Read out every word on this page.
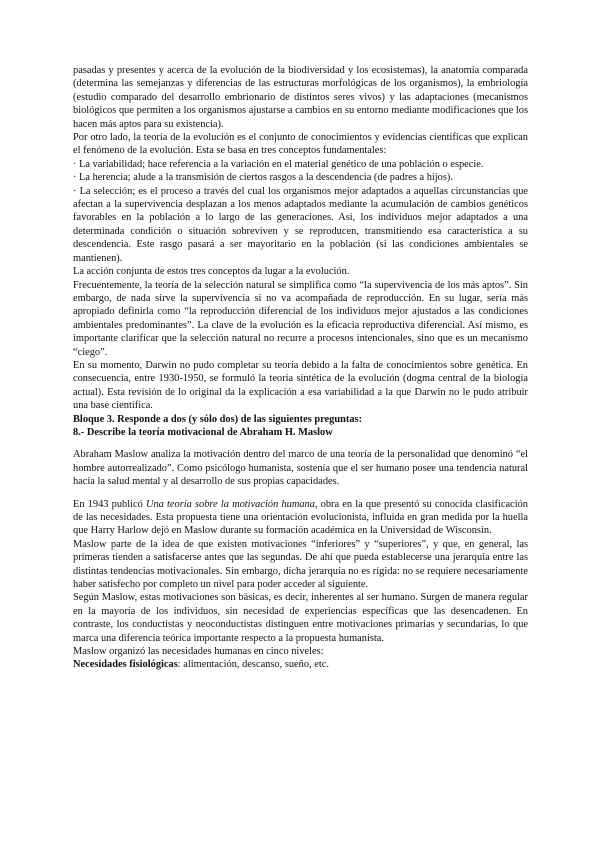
pasadas y presentes y acerca de la evolución de la biodiversidad y los ecosistemas), la anatomía comparada (determina las semejanzas y diferencias de las estructuras morfológicas de los organismos), la embriología (estudio comparado del desarrollo embrionario de distintos seres vivos) y las adaptaciones (mecanismos biológicos que permiten a los organismos ajustarse a cambios en su entorno mediante modificaciones que los hacen más aptos para su existencia).

Por otro lado, la teoría de la evolución es el conjunto de conocimientos y evidencias científicas que explican el fenómeno de la evolución. Esta se basa en tres conceptos fundamentales:

· La variabilidad; hace referencia a la variación en el material genético de una población o especie.

· La herencia; alude a la transmisión de ciertos rasgos a la descendencia (de padres a hijos).

· La selección; es el proceso a través del cual los organismos mejor adaptados a aquellas circunstancias que afectan a la supervivencia desplazan a los menos adaptados mediante la acumulación de cambios genéticos favorables en la población a lo largo de las generaciones. Así, los individuos mejor adaptados a una determinada condición o situación sobreviven y se reproducen, transmitiendo esa característica a su descendencia. Este rasgo pasará a ser mayoritario en la población (si las condiciones ambientales se mantienen).

La acción conjunta de estos tres conceptos da lugar a la evolución.

Frecuentemente, la teoría de la selección natural se simplifica como “la supervivencia de los más aptos”. Sin embargo, de nada sirve la supervivencia si no va acompañada de reproducción. En su lugar, sería más apropiado definirla como “la reproducción diferencial de los individuos mejor ajustados a las condiciones ambientales predominantes”. La clave de la evolución es la eficacia reproductiva diferencial. Así mismo, es importante clarificar que la selección natural no recurre a procesos intencionales, sino que es un mecanismo “ciego”.

En su momento, Darwin no pudo completar su teoría debido a la falta de conocimientos sobre genética. En consecuencia, entre 1930-1950, se formuló la teoría sintética de la evolución (dogma central de la biología actual). Esta revisión de lo original da la explicación a esa variabilidad a la que Darwin no le pudo atribuir una base científica.

Bloque 3. Responde a dos (y sólo dos) de las siguientes preguntas:

8.- Describe la teoría motivacional de Abraham H. Maslow

Abraham Maslow analiza la motivación dentro del marco de una teoría de la personalidad que denominó “el hombre autorrealizado”. Como psicólogo humanista, sostenía que el ser humano posee una tendencia natural hacia la salud mental y al desarrollo de sus propias capacidades.

En 1943 publicó Una teoría sobre la motivación humana, obra en la que presentó su conocida clasificación de las necesidades. Esta propuesta tiene una orientación evolucionista, influida en gran medida por la huella que Harry Harlow dejó en Maslow durante su formación académica en la Universidad de Wisconsin.

Maslow parte de la idea de que existen motivaciones “inferiores” y “superiores”, y que, en general, las primeras tienden a satisfacerse antes que las segundas. De ahí que pueda establecerse una jerarquía entre las distintas tendencias motivacionales. Sin embargo, dicha jerarquía no es rígida: no se requiere necesariamente haber satisfecho por completo un nivel para poder acceder al siguiente.

Según Maslow, estas motivaciones son básicas, es decir, inherentes al ser humano. Surgen de manera regular en la mayoría de los individuos, sin necesidad de experiencias específicas que las desencadenen. En contraste, los conductistas y neoconductistas distinguen entre motivaciones primarias y secundarias, lo que marca una diferencia teórica importante respecto a la propuesta humanista.

Maslow organizó las necesidades humanas en cinco niveles:

Necesidades fisiológicas: alimentación, descanso, sueño, etc.
